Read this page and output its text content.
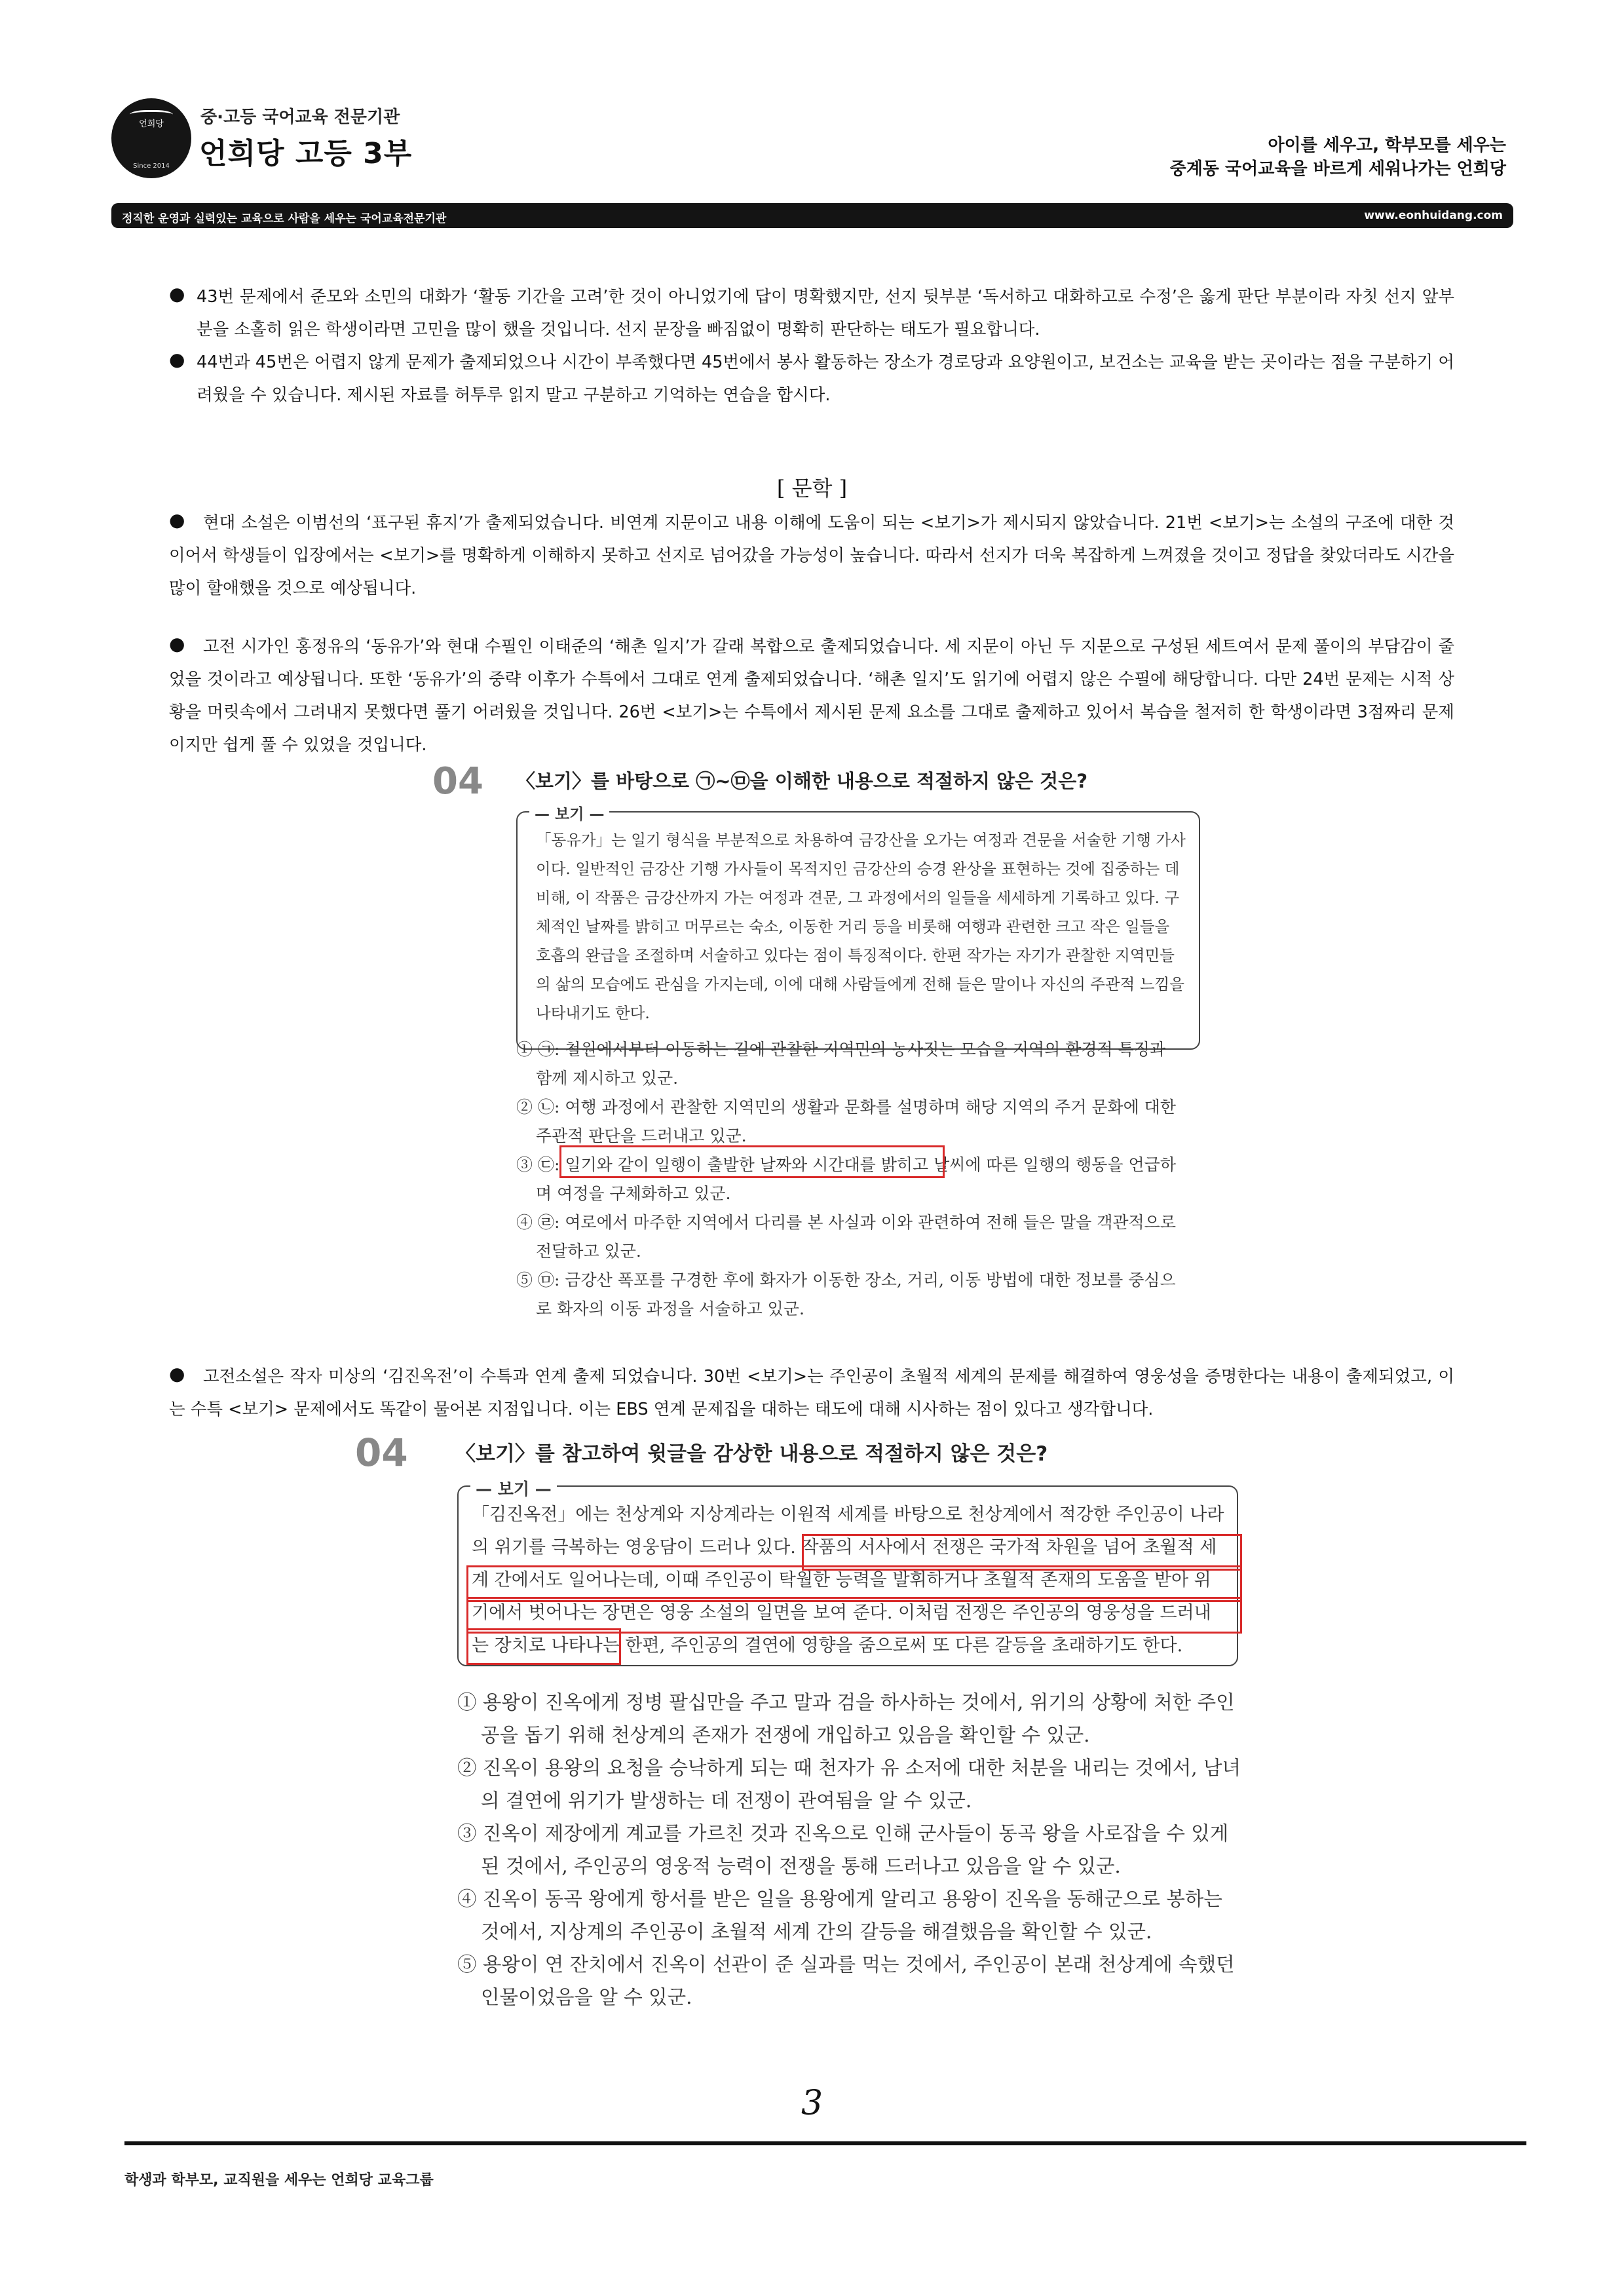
언희당
Since 2014
중·고등 국어교육 전문기관
언희당 고등 3부	아이를 세우고, 학부모를 세우는
중계동 국어교육을 바르게 세워나가는 언희당
정직한 운영과 실력있는 교육으로 사람을 세우는 국어교육전문기관	www.eonhuidang.com
● 43번 문제에서 준모와 소민의 대화가 ‘활동 기간을 고려’한 것이 아니었기에 답이 명확했지만, 선지 뒷부분 ‘독서하고 대화하고로 수정’은 옳게 판단 부분이라 자칫 선지 앞부분을 소홀히 읽은 학생이라면 고민을 많이 했을 것입니다. 선지 문장을 빠짐없이 명확히 판단하는 태도가 필요합니다.
● 44번과 45번은 어렵지 않게 문제가 출제되었으나 시간이 부족했다면 45번에서 봉사 활동하는 장소가 경로당과 요양원이고, 보건소는 교육을 받는 곳이라는 점을 구분하기 어려웠을 수 있습니다. 제시된 자료를 허투루 읽지 말고 구분하고 기억하는 연습을 합시다.
[ 문학 ]
●	현대 소설은 이범선의 ‘표구된 휴지’가 출제되었습니다. 비연계 지문이고 내용 이해에 도움이 되는 <보기>가 제시되지 않았습니다. 21번 <보기>는 소설의 구조에 대한 것이어서 학생들이 입장에서는 <보기>를 명확하게 이해하지 못하고 선지로 넘어갔을 가능성이 높습니다. 따라서 선지가 더욱 복잡하게 느껴졌을 것이고 정답을 찾았더라도 시간을 많이 할애했을 것으로 예상됩니다.
●	고전 시가인 홍정유의 ‘동유가’와 현대 수필인 이태준의 ‘해촌 일지’가 갈래 복합으로 출제되었습니다. 세 지문이 아닌 두 지문으로 구성된 세트여서 문제 풀이의 부담감이 줄었을 것이라고 예상됩니다. 또한 ‘동유가’의 중략 이후가 수특에서 그대로 연계 출제되었습니다. ‘해촌 일지’도 읽기에 어렵지 않은 수필에 해당합니다. 다만 24번 문제는 시적 상황을 머릿속에서 그려내지 못했다면 풀기 어려웠을 것입니다. 26번 <보기>는 수특에서 제시된 문제 요소를 그대로 출제하고 있어서 복습을 철저히 한 학생이라면 3점짜리 문제이지만 쉽게 풀 수 있었을 것입니다.
04 〈보기〉를 바탕으로 ㉠~㉤을 이해한 내용으로 적절하지 않은 것은?
— 보기 —
「동유가」는 일기 형식을 부분적으로 차용하여 금강산을 오가는 여정과 견문을 서술한 기행 가사
이다. 일반적인 금강산 기행 가사들이 목적지인 금강산의 승경 완상을 표현하는 것에 집중하는 데
비해, 이 작품은 금강산까지 가는 여정과 견문, 그 과정에서의 일들을 세세하게 기록하고 있다. 구
체적인 날짜를 밝히고 머무르는 숙소, 이동한 거리 등을 비롯해 여행과 관련한 크고 작은 일들을
호흡의 완급을 조절하며 서술하고 있다는 점이 특징적이다. 한편 작가는 자기가 관찰한 지역민들
의 삶의 모습에도 관심을 가지는데, 이에 대해 사람들에게 전해 들은 말이나 자신의 주관적 느낌을
나타내기도 한다.
① ㉠: 철원에서부터 이동하는 길에 관찰한 지역민의 농사짓는 모습을 지역의 환경적 특징과
함께 제시하고 있군.
② ㉡: 여행 과정에서 관찰한 지역민의 생활과 문화를 설명하며 해당 지역의 주거 문화에 대한
주관적 판단을 드러내고 있군.
③ ㉢: 일기와 같이 일행이 출발한 날짜와 시간대를 밝히고 날씨에 따른 일행의 행동을 언급하
며 여정을 구체화하고 있군.
④ ㉣: 여로에서 마주한 지역에서 다리를 본 사실과 이와 관련하여 전해 들은 말을 객관적으로
전달하고 있군.
⑤ ㉤: 금강산 폭포를 구경한 후에 화자가 이동한 장소, 거리, 이동 방법에 대한 정보를 중심으
로 화자의 이동 과정을 서술하고 있군.
●	고전소설은 작자 미상의 ‘김진옥전’이 수특과 연계 출제 되었습니다. 30번 <보기>는 주인공이 초월적 세계의 문제를 해결하여 영웅성을 증명한다는 내용이 출제되었고, 이는 수특 <보기> 문제에서도 똑같이 물어본 지점입니다. 이는 EBS 연계 문제집을 대하는 태도에 대해 시사하는 점이 있다고 생각합니다.
04 〈보기〉를 참고하여 윗글을 감상한 내용으로 적절하지 않은 것은?
— 보기 —
「김진옥전」에는 천상계와 지상계라는 이원적 세계를 바탕으로 천상계에서 적강한 주인공이 나라
의 위기를 극복하는 영웅담이 드러나 있다. 작품의 서사에서 전쟁은 국가적 차원을 넘어 초월적 세
계 간에서도 일어나는데, 이때 주인공이 탁월한 능력을 발휘하거나 초월적 존재의 도움을 받아 위
기에서 벗어나는 장면은 영웅 소설의 일면을 보여 준다. 이처럼 전쟁은 주인공의 영웅성을 드러내
는 장치로 나타나는 한편, 주인공의 결연에 영향을 줌으로써 또 다른 갈등을 초래하기도 한다.
① 용왕이 진옥에게 정병 팔십만을 주고 말과 검을 하사하는 것에서, 위기의 상황에 처한 주인
공을 돕기 위해 천상계의 존재가 전쟁에 개입하고 있음을 확인할 수 있군.
② 진옥이 용왕의 요청을 승낙하게 되는 때 천자가 유 소저에 대한 처분을 내리는 것에서, 남녀
의 결연에 위기가 발생하는 데 전쟁이 관여됨을 알 수 있군.
③ 진옥이 제장에게 계교를 가르친 것과 진옥으로 인해 군사들이 동곡 왕을 사로잡을 수 있게
된 것에서, 주인공의 영웅적 능력이 전쟁을 통해 드러나고 있음을 알 수 있군.
④ 진옥이 동곡 왕에게 항서를 받은 일을 용왕에게 알리고 용왕이 진옥을 동해군으로 봉하는
것에서, 지상계의 주인공이 초월적 세계 간의 갈등을 해결했음을 확인할 수 있군.
⑤ 용왕이 연 잔치에서 진옥이 선관이 준 실과를 먹는 것에서, 주인공이 본래 천상계에 속했던
인물이었음을 알 수 있군.
3
학생과 학부모, 교직원을 세우는 언희당 교육그룹
